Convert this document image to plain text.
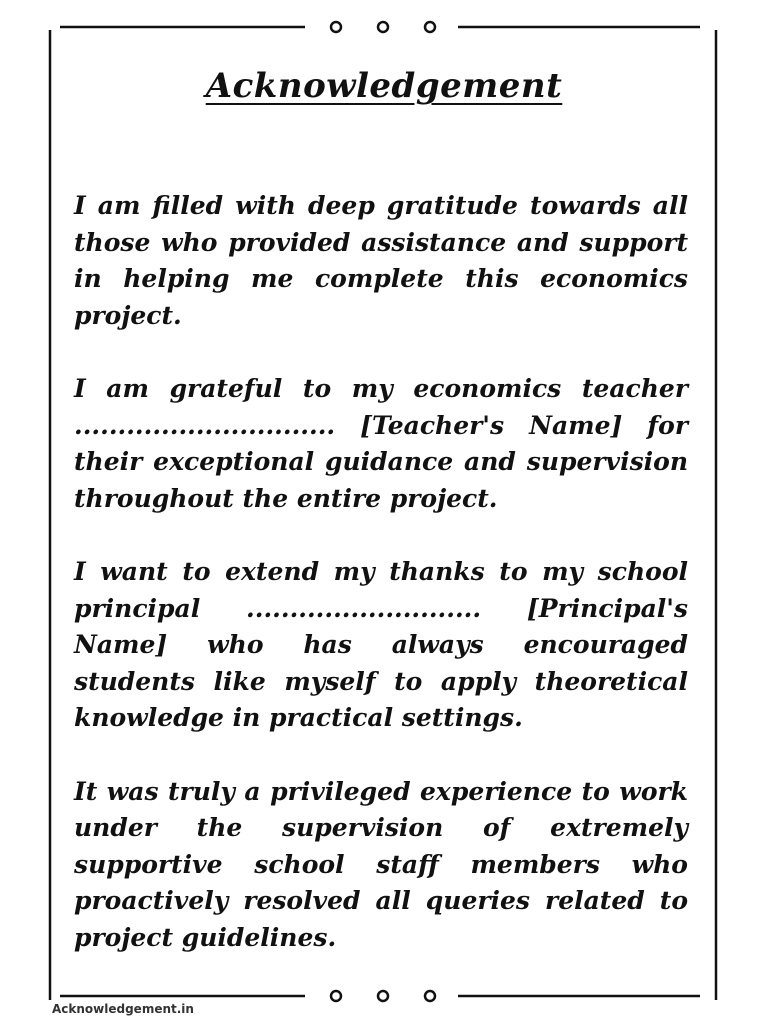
Acknowledgement

I am filled with deep gratitude towards all those who provided assistance and support in helping me complete this economics project.

I am grateful to my economics teacher .............................. [Teacher's Name] for their exceptional guidance and supervision throughout the entire project.

I want to extend my thanks to my school principal ........................... [Principal's Name] who has always encouraged students like myself to apply theoretical knowledge in practical settings.

It was truly a privileged experience to work under the supervision of extremely supportive school staff members who proactively resolved all queries related to project guidelines.

Acknowledgement.in
